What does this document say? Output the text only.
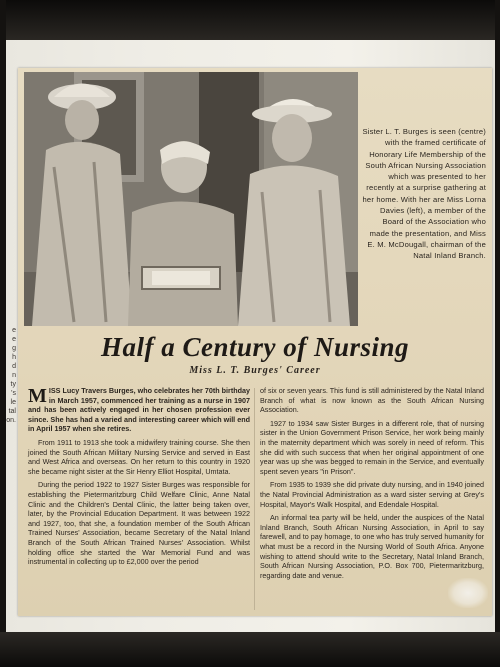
e
e
g
h
d
n
ty
's
le
tal
on.
Sister L. T. Burges is seen (centre) with the framed certificate of Honorary Life Membership of the South African Nursing Association which was presented to her recently at a surprise gathering at her home. With her are Miss Lorna Davies (left), a member of the Board of the Association who made the presentation, and Miss E. M. McDougall, chairman of the Natal Inland Branch.
Half a Century of Nursing
Miss L. T. Burges' Career

MISS Lucy Travers Burges, who celebrates her 70th birthday in March 1957, commenced her training as a nurse in 1907 and has been actively engaged in her chosen profession ever since. She has had a varied and interesting career which will end in April 1957 when she retires.

From 1911 to 1913 she took a midwifery training course. She then joined the South African Military Nursing Service and served in East and West Africa and overseas. On her return to this country in 1920 she became night sister at the Sir Henry Elliot Hospital, Umtata.

During the period 1922 to 1927 Sister Burges was responsible for establishing the Pietermaritzburg Child Welfare Clinic, Anne Natal Clinic and the Children's Dental Clinic, the latter being taken over, later, by the Provincial Education Department. It was between 1922 and 1927, too, that she, a foundation member of the South African Trained Nurses' Association, became Secretary of the Natal Inland Branch of the South African Trained Nurses' Association. Whilst holding office she started the War Memorial Fund and was instrumental in collecting up to £2,000 over the period

of six or seven years. This fund is still administered by the Natal Inland Branch of what is now known as the South African Nursing Association.

1927 to 1934 saw Sister Burges in a different role, that of nursing sister in the Union Government Prison Service, her work being mainly in the maternity department which was sorely in need of reform. This she did with such success that when her original appointment of one year was up she was begged to remain in the Service, and eventually spent seven years "in Prison".

From 1935 to 1939 she did private duty nursing, and in 1940 joined the Natal Provincial Administration as a ward sister serving at Grey's Hospital, Mayor's Walk Hospital, and Edendale Hospital.

An informal tea party will be held, under the auspices of the Natal Inland Branch, South African Nursing Association, in April to say farewell, and to pay homage, to one who has truly served humanity for what must be a record in the Nursing World of South Africa. Anyone wishing to attend should write to the Secretary, Natal Inland Branch, South African Nursing Association, P.O. Box 700, Pietermaritzburg, regarding date and venue.
